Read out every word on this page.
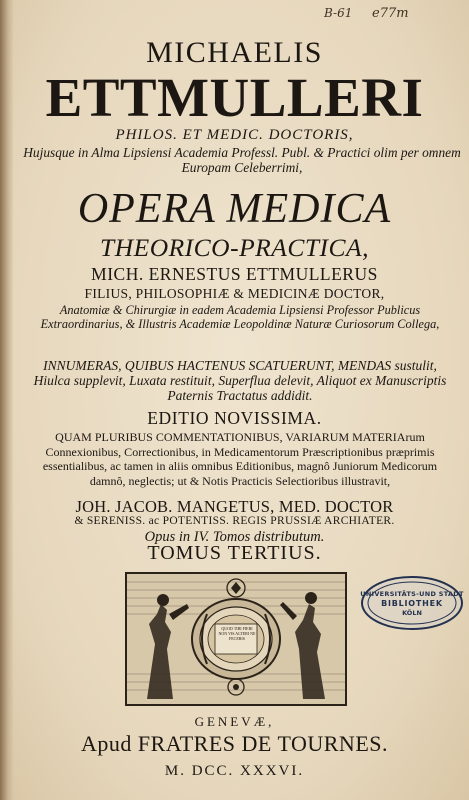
B-61 e77m
MICHAELIS
ETTMULLERI
PHILOS. ET MEDIC. DOCTORIS,
Hujusque in Alma Lipsiensi Academia Professl. Publ. & Practici olim per omnem Europam Celeberrimi,
OPERA MEDICA
THEORICO-PRACTICA,
MICH. ERNESTUS ETTMULLERUS
FILIUS, PHILOSOPHIÆ & MEDICINÆ DOCTOR,
Anatomiæ & Chirurgiæ in eadem Academia Lipsiensi Professor Publicus Extraordinarius, & Illustris Academiæ Leopoldinæ Naturæ Curiosorum Collega,
INNUMERAS, QUIBUS HACTENUS SCATUERUNT, MENDAS sustulit, Hiulca supplevit, Luxata restituit, Superflua delevit, Aliquot ex Manuscriptis Paternis Tractatus addidit.
EDITIO NOVISSIMA.
QUAM PLURIBUS COMMENTATIONIBUS, VARIARUM MATERIArum Connexionibus, Correctionibus, in Medicamentorum Præscriptionibus præprimis essentialibus, ac tamen in aliis omnibus Editionibus, magnô Juniorum Medicorum damnô, neglectis; ut & Notis Practicis Selectioribus illustravit,
JOH. JACOB. MANGETUS, MED. DOCTOR
& SERENISS. ac POTENTISS. REGIS PRUSSIÆ ARCHIATER.
Opus in IV. Tomos distributum.
TOMUS TERTIUS.
QUOD TIBI FIERI NON VIS ALTERI NE FECERIS
UNIVERSITÄTS-UND STADT
BIBLIOTHEK
KÖLN
GENEVÆ,
Apud FRATRES DE TOURNES.
M. DCC. XXXVI.
